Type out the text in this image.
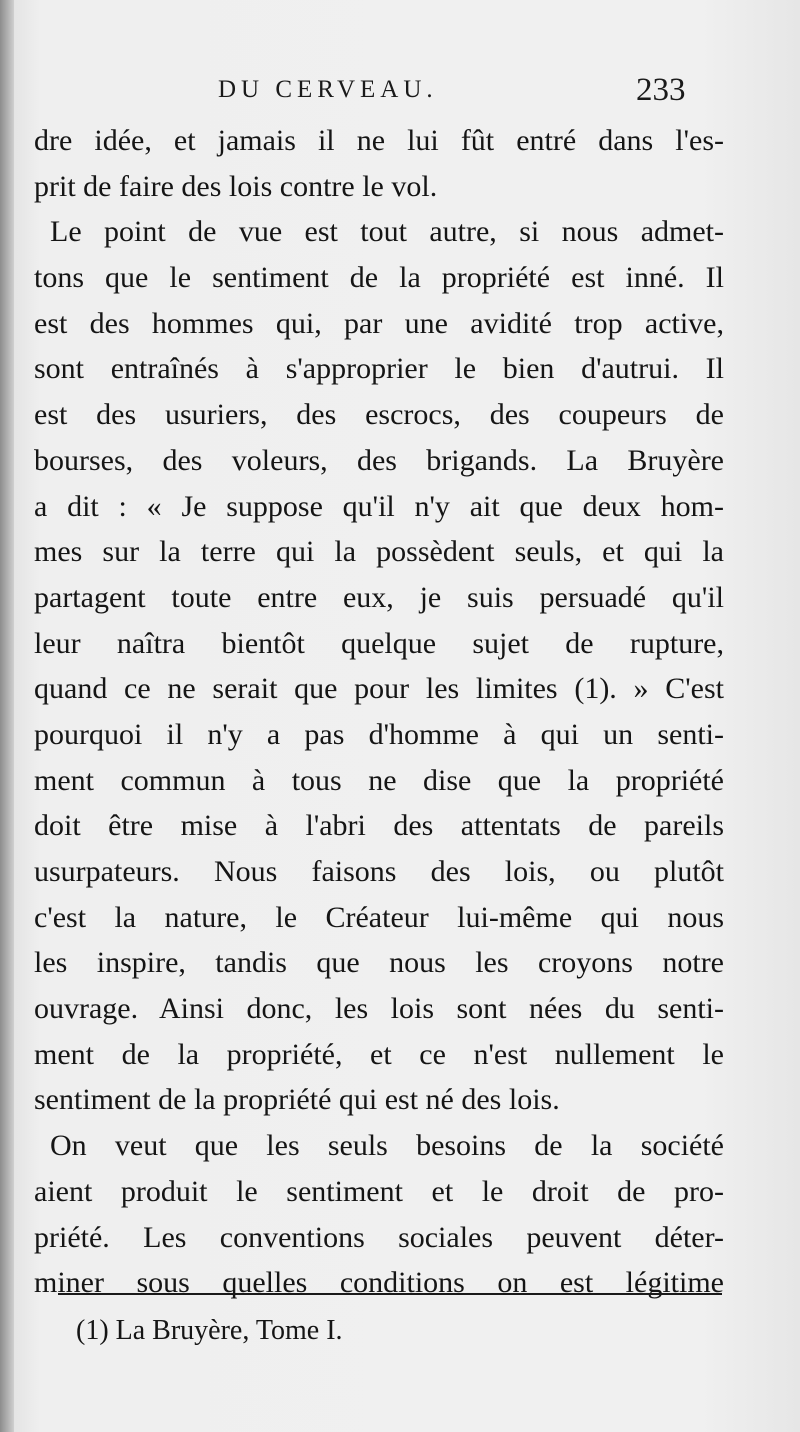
DU CERVEAU.	233
dre idée, et jamais il ne lui fût entré dans l'es-
prit de faire des lois contre le vol.
Le point de vue est tout autre, si nous admet-
tons que le sentiment de la propriété est inné. Il
est des hommes qui, par une avidité trop active,
sont entraînés à s'approprier le bien d'autrui. Il
est des usuriers, des escrocs, des coupeurs de
bourses, des voleurs, des brigands. La Bruyère
a dit : « Je suppose qu'il n'y ait que deux hom-
mes sur la terre qui la possèdent seuls, et qui la
partagent toute entre eux, je suis persuadé qu'il
leur naîtra bientôt quelque sujet de rupture,
quand ce ne serait que pour les limites (1). » C'est
pourquoi il n'y a pas d'homme à qui un senti-
ment commun à tous ne dise que la propriété
doit être mise à l'abri des attentats de pareils
usurpateurs. Nous faisons des lois, ou plutôt
c'est la nature, le Créateur lui-même qui nous
les inspire, tandis que nous les croyons notre
ouvrage. Ainsi donc, les lois sont nées du senti-
ment de la propriété, et ce n'est nullement le
sentiment de la propriété qui est né des lois.
On veut que les seuls besoins de la société
aient produit le sentiment et le droit de pro-
priété. Les conventions sociales peuvent déter-
miner sous quelles conditions on est légitime
(1) La Bruyère, Tome I.
